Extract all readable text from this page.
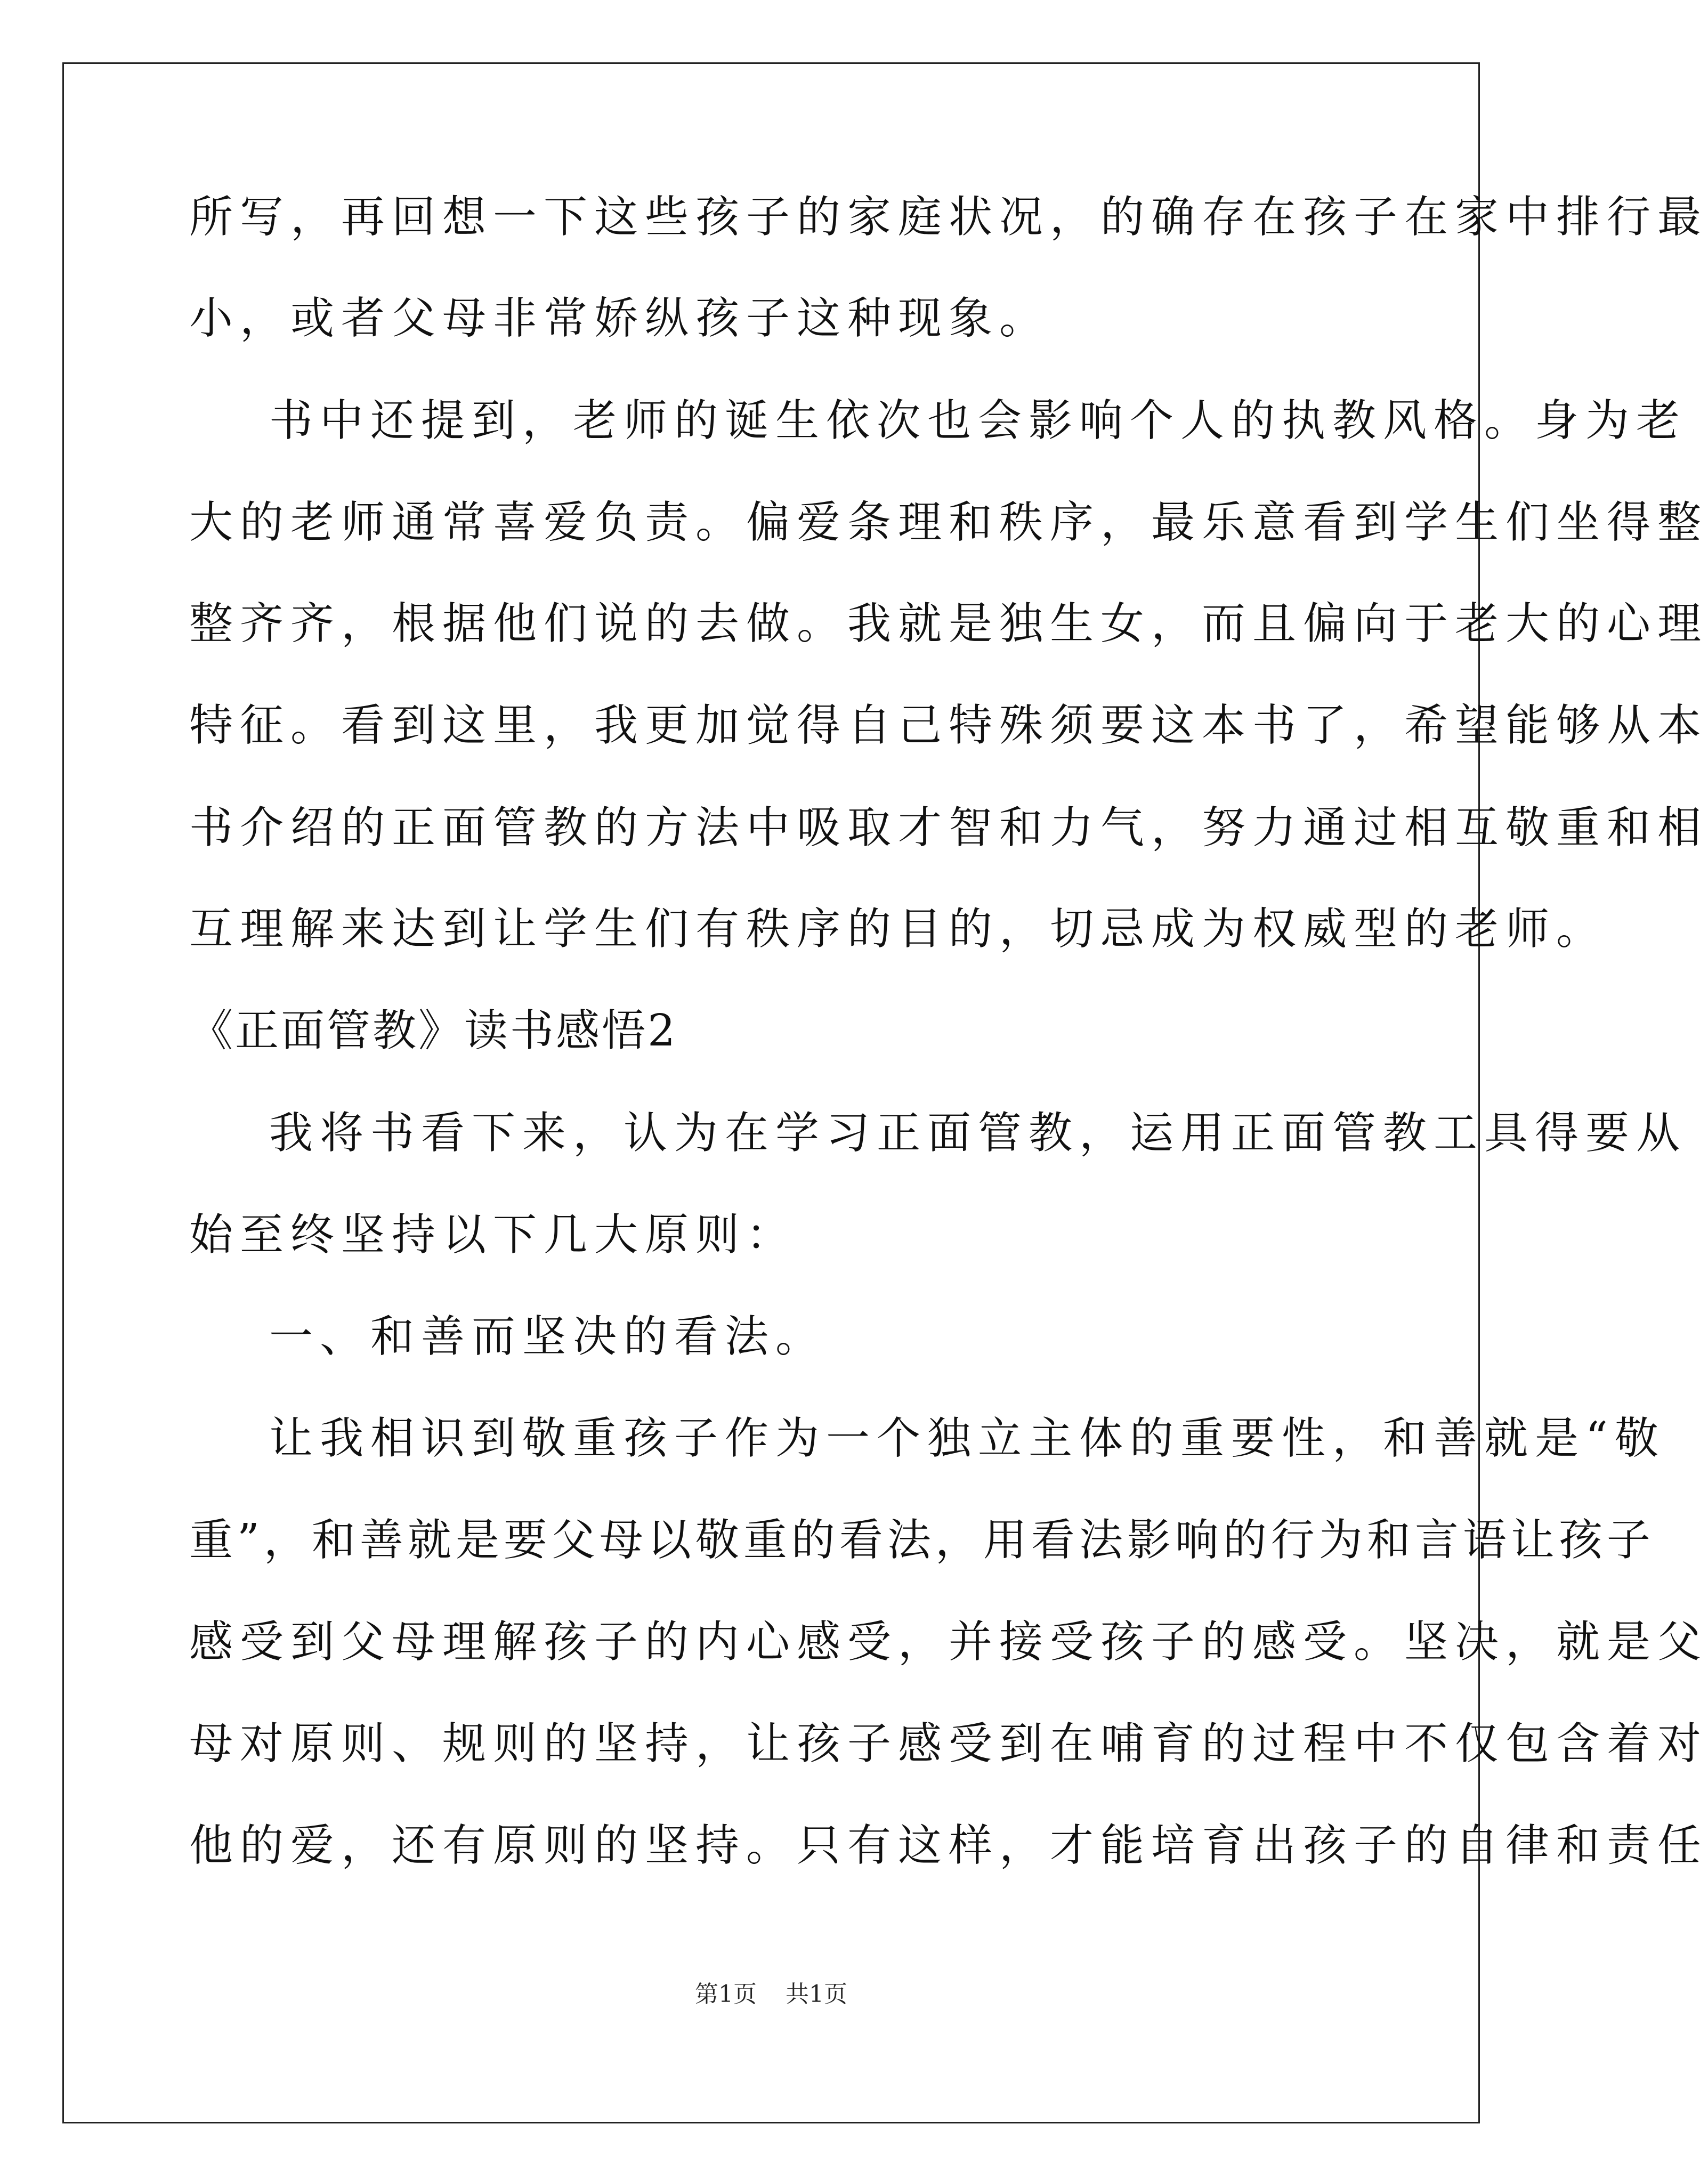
所写，再回想一下这些孩子的家庭状况，的确存在孩子在家中排行最
小，或者父母非常娇纵孩子这种现象。
书中还提到，老师的诞生依次也会影响个人的执教风格。身为老
大的老师通常喜爱负责。偏爱条理和秩序，最乐意看到学生们坐得整
整齐齐，根据他们说的去做。我就是独生女，而且偏向于老大的心理
特征。看到这里，我更加觉得自己特殊须要这本书了，希望能够从本
书介绍的正面管教的方法中吸取才智和力气，努力通过相互敬重和相
互理解来达到让学生们有秩序的目的，切忌成为权威型的老师。
《正面管教》读书感悟2
我将书看下来，认为在学习正面管教，运用正面管教工具得要从
始至终坚持以下几大原则：
一、和善而坚决的看法。
让我相识到敬重孩子作为一个独立主体的重要性，和善就是“敬
重”，和善就是要父母以敬重的看法，用看法影响的行为和言语让孩子
感受到父母理解孩子的内心感受，并接受孩子的感受。坚决，就是父
母对原则、规则的坚持，让孩子感受到在哺育的过程中不仅包含着对
他的爱，还有原则的坚持。只有这样，才能培育出孩子的自律和责任
第1页 共1页
